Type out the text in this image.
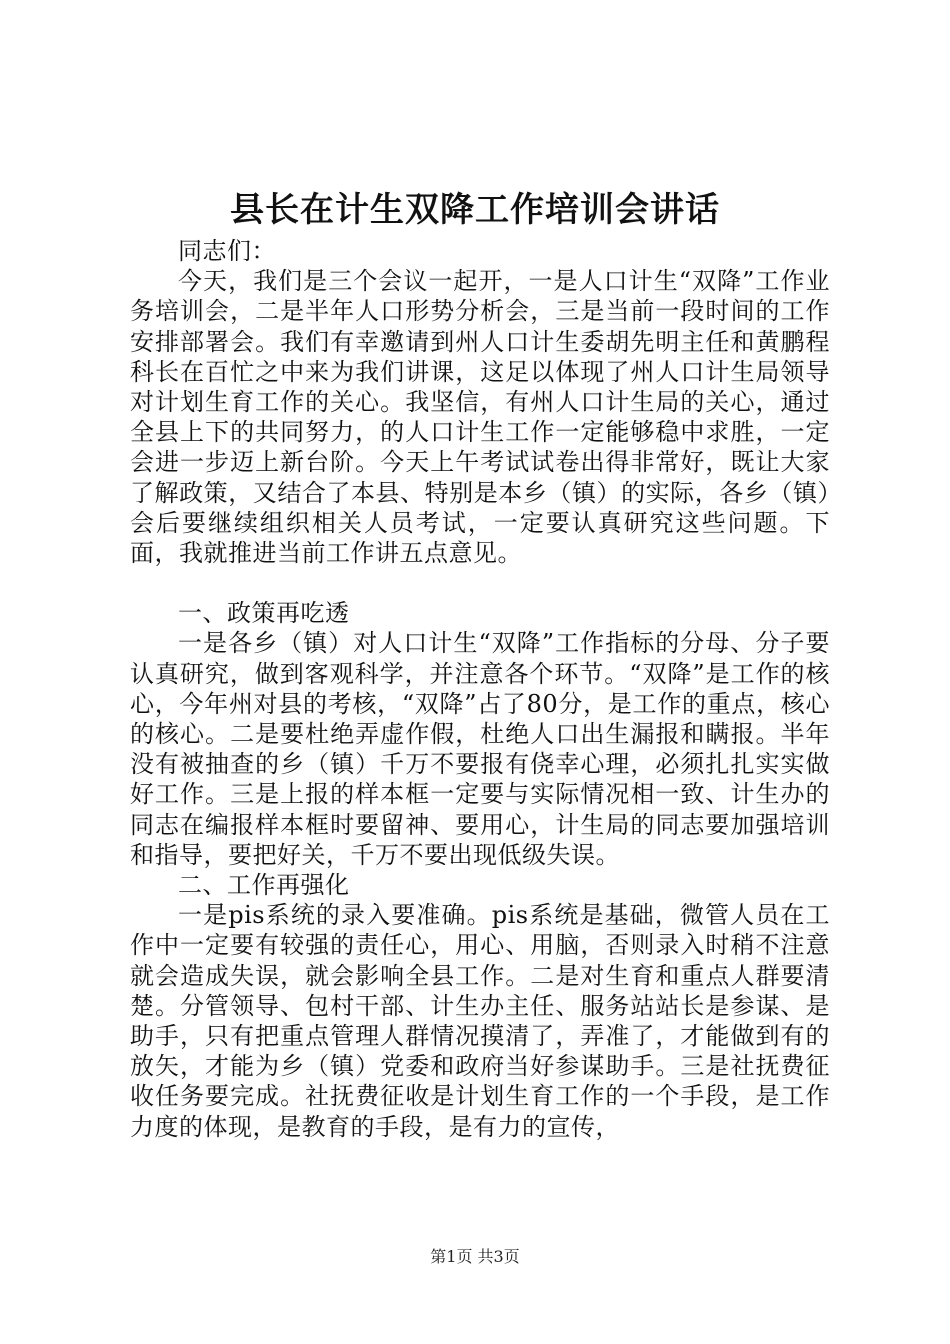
县长在计生双降工作培训会讲话

同志们：

今天，我们是三个会议一起开，一是人口计生“双降”工作业务培训会，二是半年人口形势分析会，三是当前一段时间的工作安排部署会。我们有幸邀请到州人口计生委胡先明主任和黄鹏程科长在百忙之中来为我们讲课，这足以体现了州人口计生局领导对计划生育工作的关心。我坚信，有州人口计生局的关心，通过全县上下的共同努力，的人口计生工作一定能够稳中求胜，一定会进一步迈上新台阶。今天上午考试试卷出得非常好，既让大家了解政策，又结合了本县、特别是本乡（镇）的实际，各乡（镇）会后要继续组织相关人员考试，一定要认真研究这些问题。下面，我就推进当前工作讲五点意见。

一、政策再吃透

一是各乡（镇）对人口计生“双降”工作指标的分母、分子要认真研究，做到客观科学，并注意各个环节。“双降”是工作的核心，今年州对县的考核，“双降”占了80分，是工作的重点，核心的核心。二是要杜绝弄虚作假，杜绝人口出生漏报和瞒报。半年没有被抽查的乡（镇）千万不要报有侥幸心理，必须扎扎实实做好工作。三是上报的样本框一定要与实际情况相一致、计生办的同志在编报样本框时要留神、要用心，计生局的同志要加强培训和指导，要把好关，千万不要出现低级失误。

二、工作再强化

一是pis系统的录入要准确。pis系统是基础，微管人员在工作中一定要有较强的责任心，用心、用脑，否则录入时稍不注意就会造成失误，就会影响全县工作。二是对生育和重点人群要清楚。分管领导、包村干部、计生办主任、服务站站长是参谋、是助手，只有把重点管理人群情况摸清了，弄准了，才能做到有的放矢，才能为乡（镇）党委和政府当好参谋助手。三是社抚费征收任务要完成。社抚费征收是计划生育工作的一个手段，是工作力度的体现，是教育的手段，是有力的宣传，

第1页 共3页
